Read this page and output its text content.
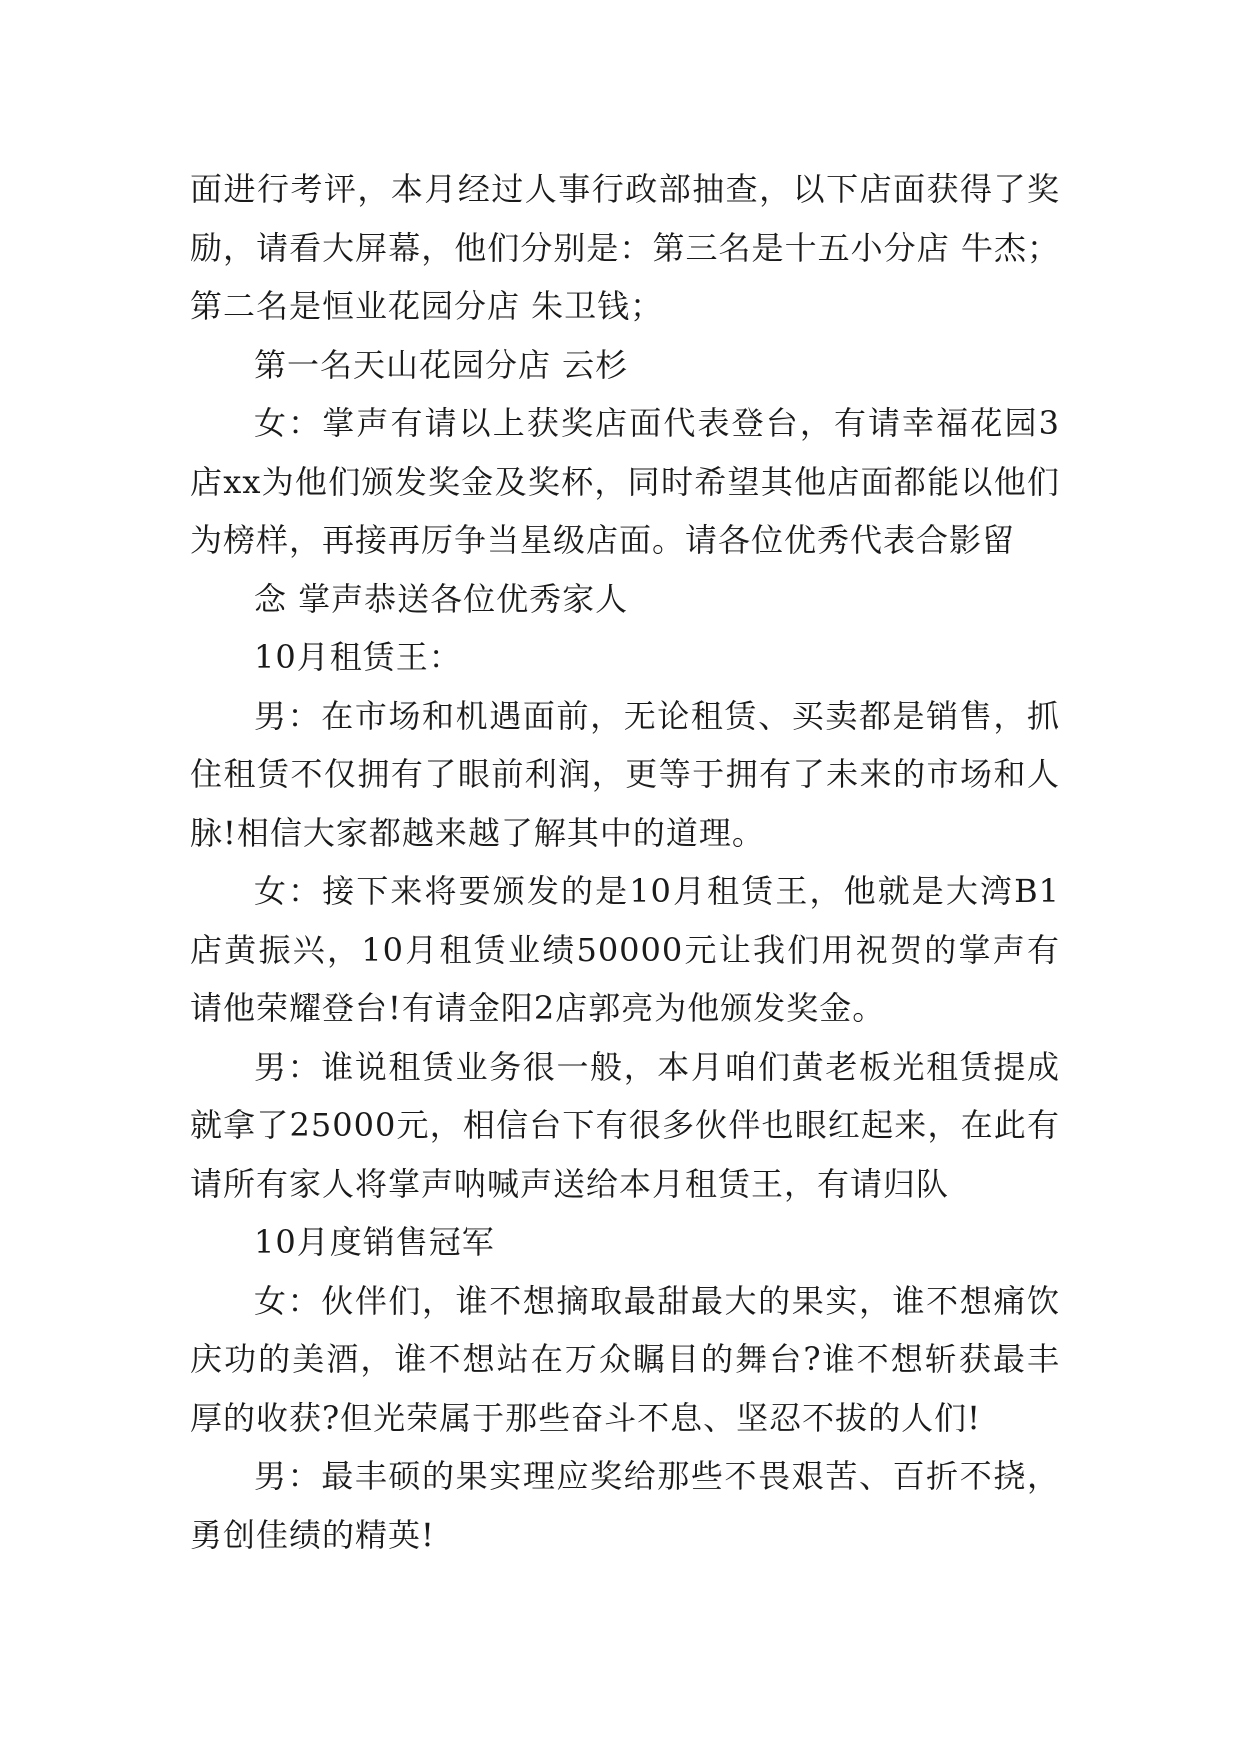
面进行考评，本月经过人事行政部抽查，以下店面获得了奖励，请看大屏幕，他们分别是：第三名是十五小分店 牛杰；第二名是恒业花园分店 朱卫钱；

第一名天山花园分店 云杉

女：掌声有请以上获奖店面代表登台，有请幸福花园3店xx为他们颁发奖金及奖杯，同时希望其他店面都能以他们为榜样，再接再厉争当星级店面。请各位优秀代表合影留

念 掌声恭送各位优秀家人

10月租赁王：

男：在市场和机遇面前，无论租赁、买卖都是销售，抓住租赁不仅拥有了眼前利润，更等于拥有了未来的市场和人脉!相信大家都越来越了解其中的道理。

女：接下来将要颁发的是10月租赁王，他就是大湾B1店黄振兴，10月租赁业绩50000元让我们用祝贺的掌声有请他荣耀登台!有请金阳2店郭亮为他颁发奖金。

男：谁说租赁业务很一般，本月咱们黄老板光租赁提成就拿了25000元，相信台下有很多伙伴也眼红起来，在此有请所有家人将掌声呐喊声送给本月租赁王，有请归队

10月度销售冠军

女：伙伴们，谁不想摘取最甜最大的果实，谁不想痛饮庆功的美酒，谁不想站在万众瞩目的舞台?谁不想斩获最丰厚的收获?但光荣属于那些奋斗不息、坚忍不拔的人们!

男：最丰硕的果实理应奖给那些不畏艰苦、百折不挠，勇创佳绩的精英!
